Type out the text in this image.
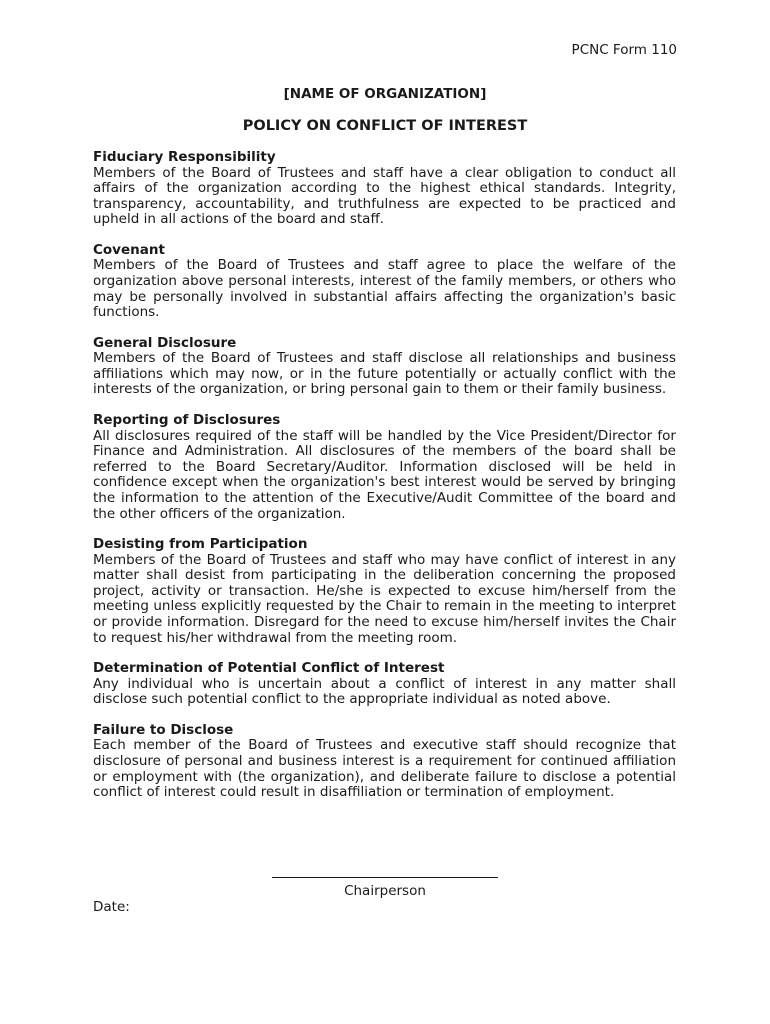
PCNC Form 110
[NAME OF ORGANIZATION]
POLICY ON CONFLICT OF INTEREST

Fiduciary Responsibility

Members of the Board of Trustees and staff have a clear obligation to conduct all affairs of the organization according to the highest ethical standards. Integrity, transparency, accountability, and truthfulness are expected to be practiced and upheld in all actions of the board and staff.

Covenant

Members of the Board of Trustees and staff agree to place the welfare of the organization above personal interests, interest of the family members, or others who may be personally involved in substantial affairs affecting the organization's basic functions.

General Disclosure

Members of the Board of Trustees and staff disclose all relationships and business affiliations which may now, or in the future potentially or actually conflict with the interests of the organization, or bring personal gain to them or their family business.

Reporting of Disclosures

All disclosures required of the staff will be handled by the Vice President/Director for Finance and Administration. All disclosures of the members of the board shall be referred to the Board Secretary/Auditor. Information disclosed will be held in confidence except when the organization's best interest would be served by bringing the information to the attention of the Executive/Audit Committee of the board and the other officers of the organization.

Desisting from Participation

Members of the Board of Trustees and staff who may have conflict of interest in any matter shall desist from participating in the deliberation concerning the proposed project, activity or transaction. He/she is expected to excuse him/herself from the meeting unless explicitly requested by the Chair to remain in the meeting to interpret or provide information. Disregard for the need to excuse him/herself invites the Chair to request his/her withdrawal from the meeting room.

Determination of Potential Conflict of Interest

Any individual who is uncertain about a conflict of interest in any matter shall disclose such potential conflict to the appropriate individual as noted above.

Failure to Disclose

Each member of the Board of Trustees and executive staff should recognize that disclosure of personal and business interest is a requirement for continued affiliation or employment with (the organization), and deliberate failure to disclose a potential conflict of interest could result in disaffiliation or termination of employment.

Chairperson
Date:
